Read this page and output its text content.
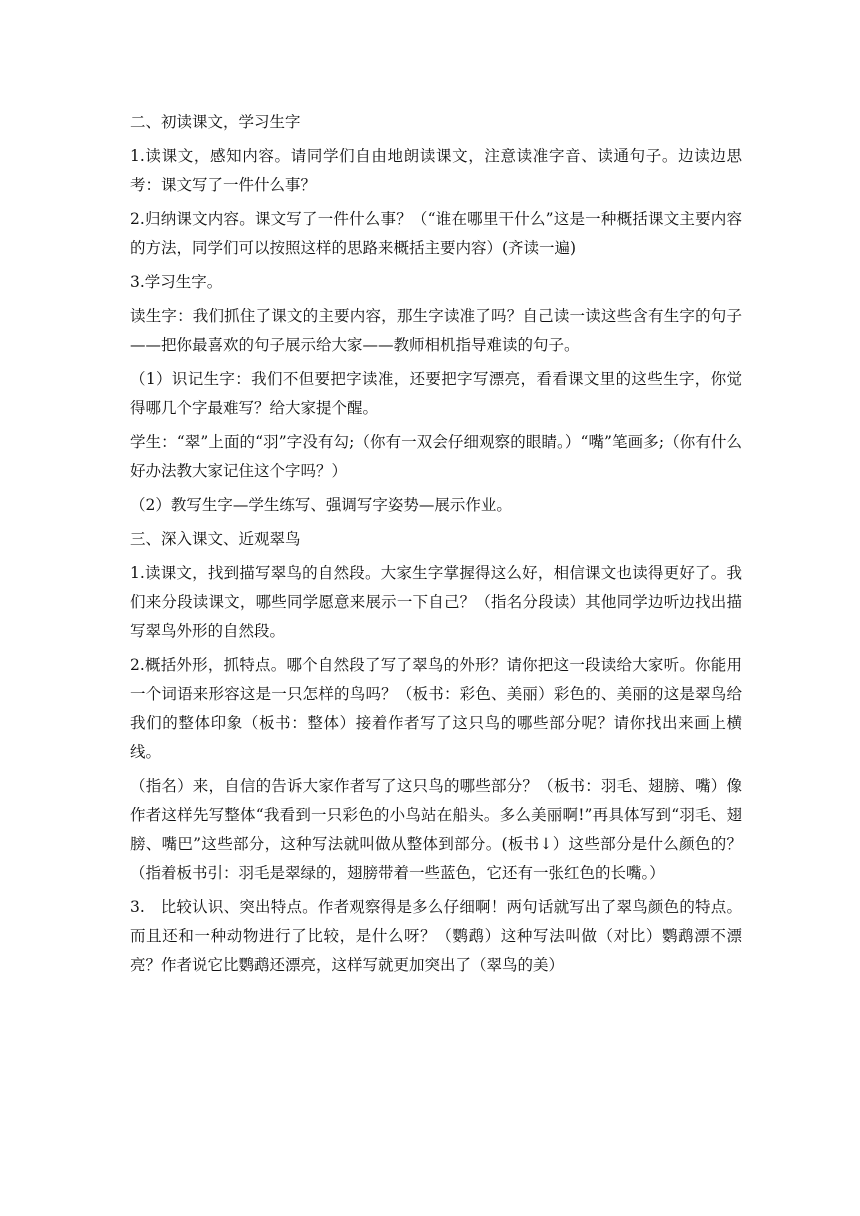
二、初读课文，学习生字

1.读课文，感知内容。请同学们自由地朗读课文，注意读准字音、读通句子。边读边思考：课文写了一件什么事？

2.归纳课文内容。课文写了一件什么事？（“谁在哪里干什么”这是一种概括课文主要内容的方法，同学们可以按照这样的思路来概括主要内容）(齐读一遍)

3.学习生字。

读生字：我们抓住了课文的主要内容，那生字读准了吗？自己读一读这些含有生字的句子——把你最喜欢的句子展示给大家——教师相机指导难读的句子。

（1）识记生字：我们不但要把字读准，还要把字写漂亮，看看课文里的这些生字，你觉得哪几个字最难写？给大家提个醒。

学生：“翠”上面的“羽”字没有勾;（你有一双会仔细观察的眼睛。）“嘴”笔画多;（你有什么好办法教大家记住这个字吗？）

（2）教写生字—学生练写、强调写字姿势—展示作业。

三、深入课文、近观翠鸟

1.读课文，找到描写翠鸟的自然段。大家生字掌握得这么好，相信课文也读得更好了。我们来分段读课文，哪些同学愿意来展示一下自己？（指名分段读）其他同学边听边找出描写翠鸟外形的自然段。

2.概括外形，抓特点。哪个自然段了写了翠鸟的外形？请你把这一段读给大家听。你能用一个词语来形容这是一只怎样的鸟吗？（板书：彩色、美丽）彩色的、美丽的这是翠鸟给我们的整体印象（板书：整体）接着作者写了这只鸟的哪些部分呢？请你找出来画上横线。

（指名）来，自信的告诉大家作者写了这只鸟的哪些部分？（板书：羽毛、翅膀、嘴）像作者这样先写整体“我看到一只彩色的小鸟站在船头。多么美丽啊!”再具体写到“羽毛、翅膀、嘴巴”这些部分，这种写法就叫做从整体到部分。(板书↓）这些部分是什么颜色的？（指着板书引：羽毛是翠绿的，翅膀带着一些蓝色，它还有一张红色的长嘴。）

3.　比较认识、突出特点。作者观察得是多么仔细啊！两句话就写出了翠鸟颜色的特点。而且还和一种动物进行了比较，是什么呀？（鹦鹉）这种写法叫做（对比）鹦鹉漂不漂亮？作者说它比鹦鹉还漂亮，这样写就更加突出了（翠鸟的美）
